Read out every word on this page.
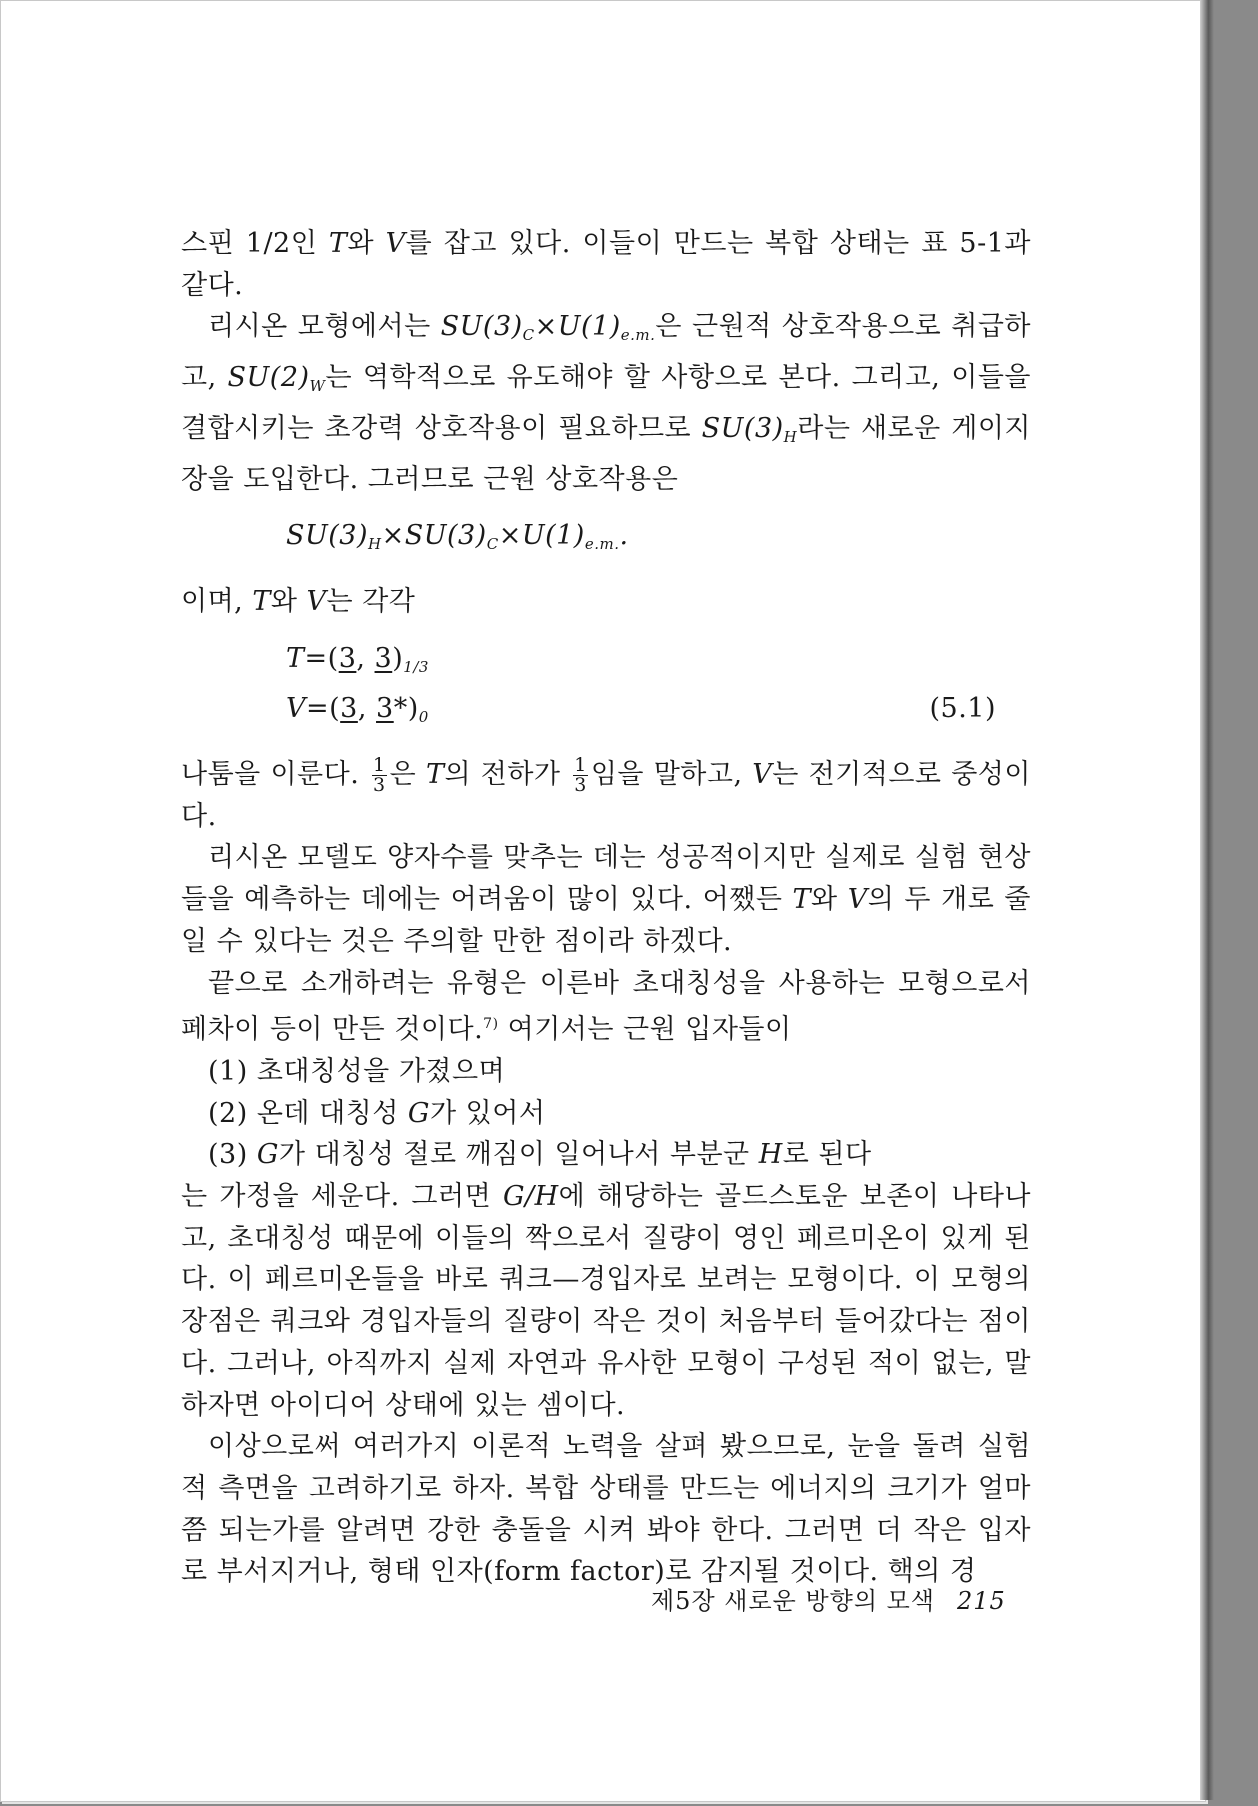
스핀 1/2인 T와 V를 잡고 있다. 이들이 만드는 복합 상태는 표 5-1과 같다.

리시온 모형에서는 $SU(3)_C\times U(1)_{e.m.}$은 근원적 상호작용으로 취급하고, $SU(2)_W$는 역학적으로 유도해야 할 사항으로 본다. 그리고, 이들을 결합시키는 초강력 상호작용이 필요하므로 $SU(3)_H$라는 새로운 게이지 장을 도입한다. 그러므로 근원 상호작용은

$SU(3)_H\times SU(3)_C\times U(1)_{e.m.}$.

이며, T와 V는 각각

T=(3, $3)_{1/3}$

V=(3, $3*)_0$	(5.1)

나툼을 이룬다. $\frac{1}{3}$ 은 T의 전하가 $\frac{1}{3}$ 임을 말하고, V는 전기적으로 중성이다.

리시온 모델도 양자수를 맞추는 데는 성공적이지만 실제로 실험 현상들을 예측하는 데에는 어려움이 많이 있다. 어쨌든 T와 V의 두 개로 줄일 수 있다는 것은 주의할 만한 점이라 하겠다.

끝으로 소개하려는 유형은 이른바 초대칭성을 사용하는 모형으로서 페차이 등이 만든 것이다.$^{7)}$ 여기서는 근원 입자들이

(1) 초대칭성을 가졌으며

(2) 온데 대칭성 G가 있어서

(3) G가 대칭성 절로 깨짐이 일어나서 부분군 H로 된다

는 가정을 세운다. 그러면 G/H에 해당하는 골드스토운 보존이 나타나고, 초대칭성 때문에 이들의 짝으로서 질량이 영인 페르미온이 있게 된다. 이 페르미온들을 바로 쿼크—경입자로 보려는 모형이다. 이 모형의 장점은 쿼크와 경입자들의 질량이 작은 것이 처음부터 들어갔다는 점이다. 그러나, 아직까지 실제 자연과 유사한 모형이 구성된 적이 없는, 말하자면 아이디어 상태에 있는 셈이다.

이상으로써 여러가지 이론적 노력을 살펴 봤으므로, 눈을 돌려 실험적 측면을 고려하기로 하자. 복합 상태를 만드는 에너지의 크기가 얼마쯤 되는가를 알려면 강한 충돌을 시켜 봐야 한다. 그러면 더 작은 입자로 부서지거나, 형태 인자(form factor)로 감지될 것이다. 핵의 경

제5장 새로운 방향의 모색 215
